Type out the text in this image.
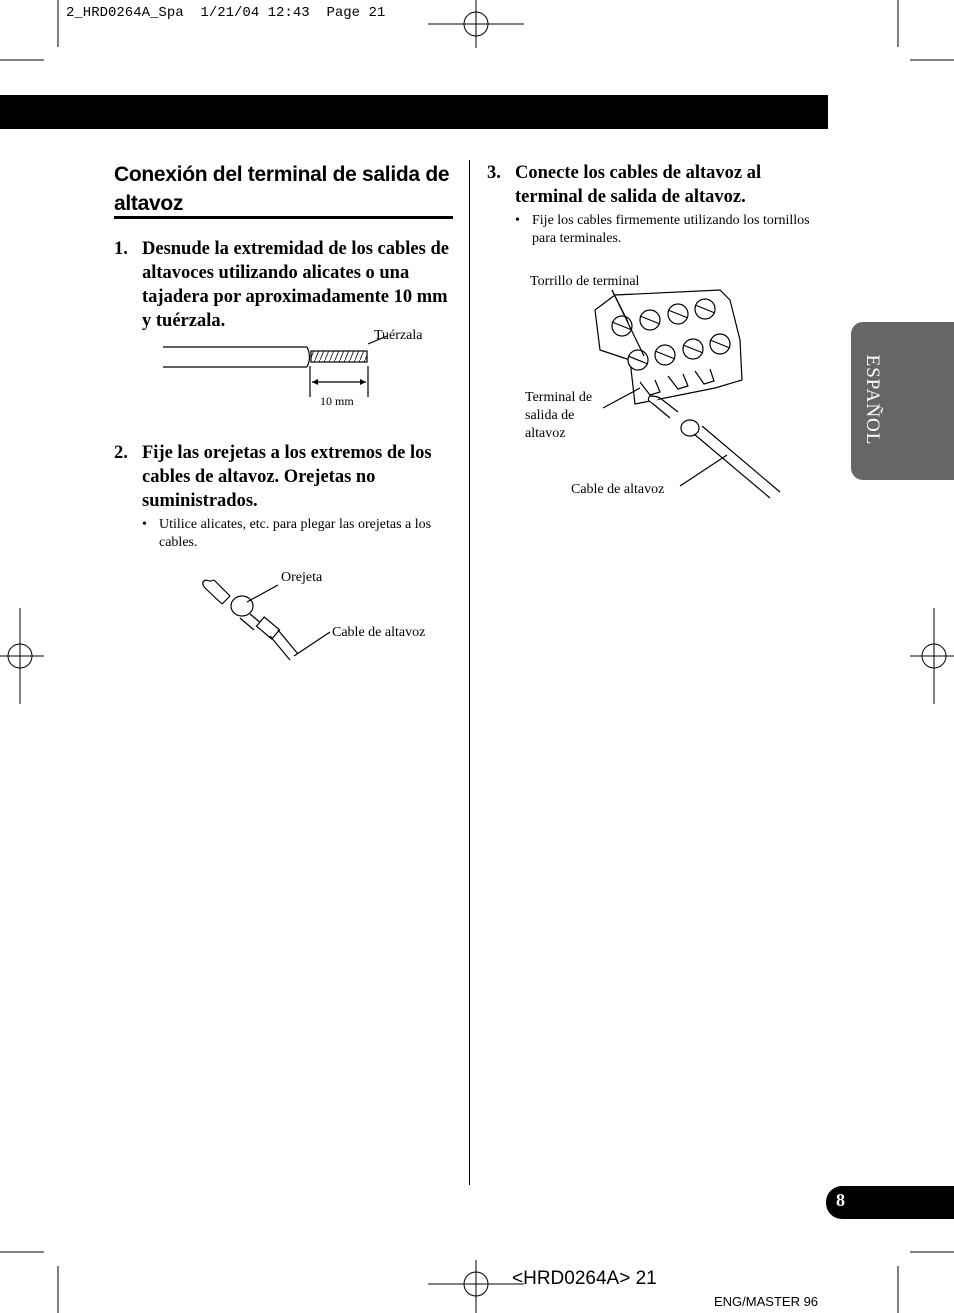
2_HRD0264A_Spa  1/21/04 12:43  Page 21
Conexión del terminal de salida de altavoz
1. Desnude la extremidad de los cables de altavoces utilizando alicates o una tajadera por aproximadamente 10 mm y tuérzala.
Tuérzala
10 mm
2. Fije las orejetas a los extremos de los cables de altavoz. Orejetas no suministrados.
• Utilice alicates, etc. para plegar las orejetas a los cables.
Orejeta
Cable de altavoz
3. Conecte los cables de altavoz al terminal de salida de altavoz.
• Fije los cables firmemente utilizando los tornillos para terminales.
Torrillo de terminal
Terminal de
salida de
altavoz
Cable de altavoz
ESPAÑOL
8
<HRD0264A> 21
ENG/MASTER 96
